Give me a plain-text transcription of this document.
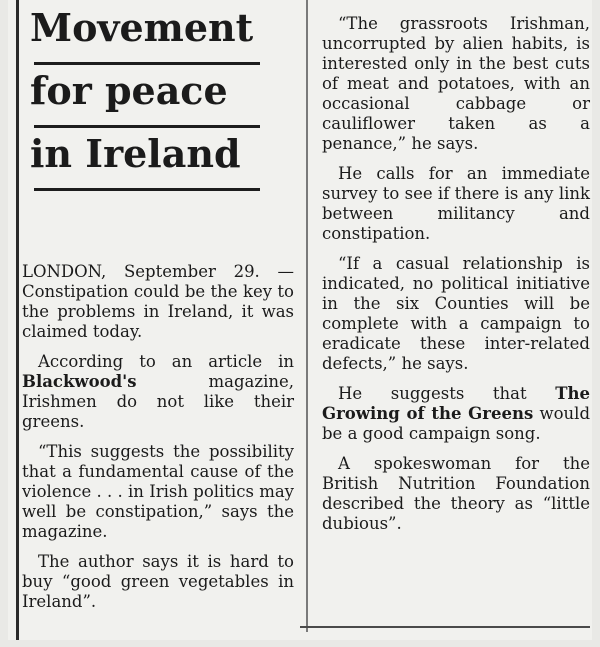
Movement
for peace
in Ireland

LONDON, September 29. — Constipation could be the key to the problems in Ireland, it was claimed today.

According to an article in Blackwood's	magazine, Irishmen do not like their greens.

“This suggests the possibility that a fundamental cause of the violence . . . in Irish politics may well be constipation,” says the magazine.

The author says it is hard to buy “good green vegetables in Ireland”.

“The grassroots Irishman, uncorrupted by alien habits, is interested only in the best cuts of meat and potatoes, with an occasional cabbage or cauliflower taken as a penance,” he says.

He calls for an immediate survey to see if there is any link between militancy and constipation.

“If a casual relationship is indicated, no political initiative in the six Counties will be complete with a campaign to eradicate these inter-related defects,” he says.

He suggests that The Growing of the Greens would be a good campaign song.

A spokeswoman for the British Nutrition Foundation described the theory as “little dubious”.
